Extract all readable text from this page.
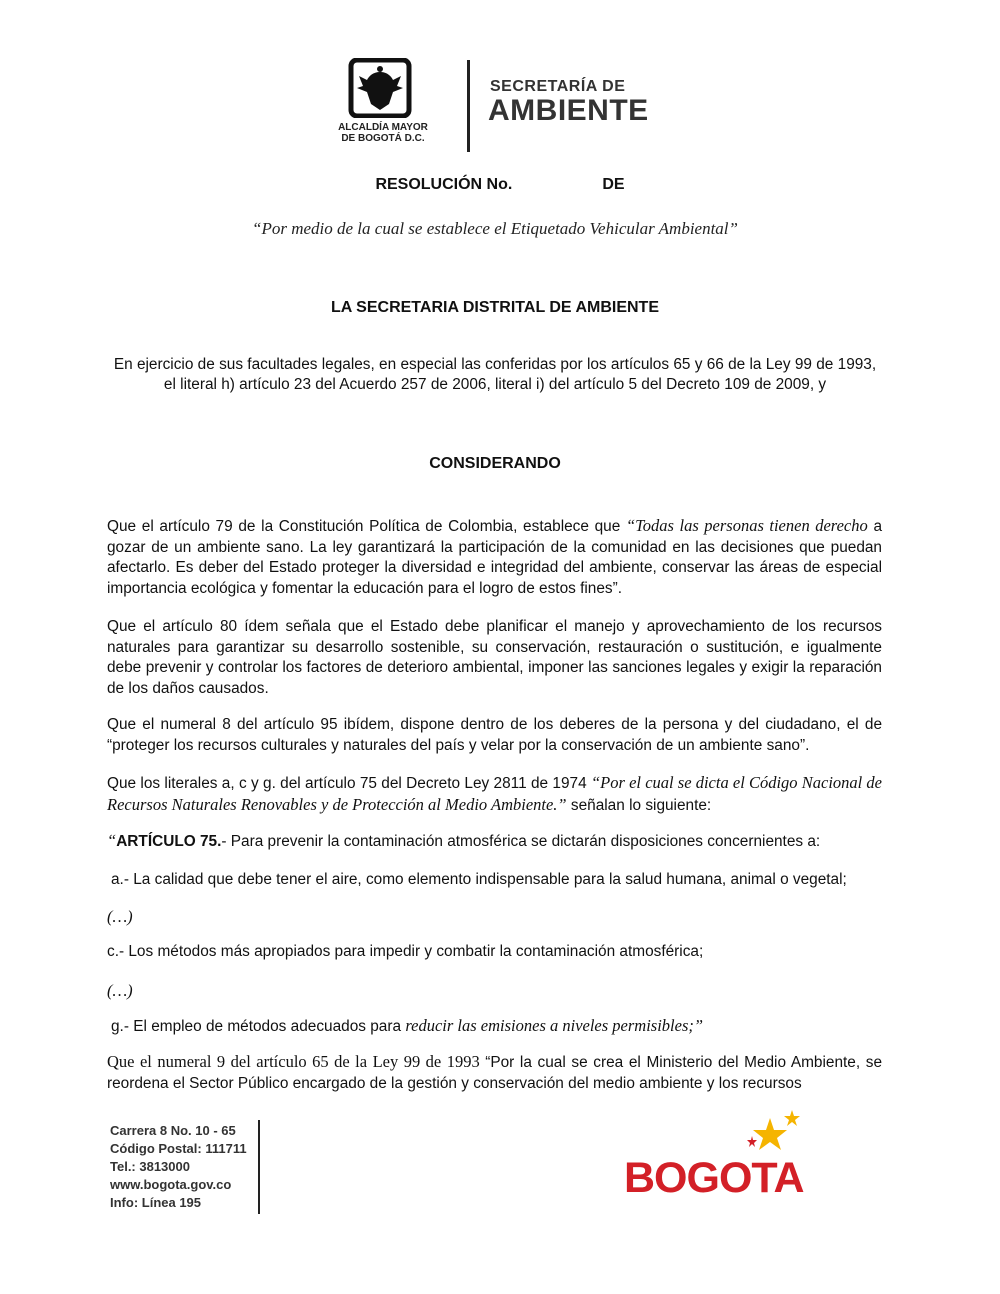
ALCALDÍA MAYOR
DE BOGOTÁ D.C.
SECRETARÍA DE
AMBIENTE
RESOLUCIÓN No.	DE
“Por medio de la cual se establece el Etiquetado Vehicular Ambiental”
LA SECRETARIA DISTRITAL DE AMBIENTE
En ejercicio de sus facultades legales, en especial las conferidas por los artículos 65 y 66 de la Ley 99 de 1993, el literal h) artículo 23 del Acuerdo 257 de 2006, literal i) del artículo 5 del Decreto 109 de 2009, y
CONSIDERANDO
Que el artículo 79 de la Constitución Política de Colombia, establece que “Todas las personas tienen derecho a gozar de un ambiente sano. La ley garantizará la participación de la comunidad en las decisiones que puedan afectarlo. Es deber del Estado proteger la diversidad e integridad del ambiente, conservar las áreas de especial importancia ecológica y fomentar la educación para el logro de estos fines”.
Que el artículo 80 ídem señala que el Estado debe planificar el manejo y aprovechamiento de los recursos naturales para garantizar su desarrollo sostenible, su conservación, restauración o sustitución, e igualmente debe prevenir y controlar los factores de deterioro ambiental, imponer las sanciones legales y exigir la reparación de los daños causados.
Que el numeral 8 del artículo 95 ibídem, dispone dentro de los deberes de la persona y del ciudadano, el de “proteger los recursos culturales y naturales del país y velar por la conservación de un ambiente sano”.
Que los literales a, c y g. del artículo 75 del Decreto Ley 2811 de 1974 “Por el cual se dicta el Código Nacional de Recursos Naturales Renovables y de Protección al Medio Ambiente.” señalan lo siguiente:
“ARTÍCULO 75.- Para prevenir la contaminación atmosférica se dictarán disposiciones concernientes a:
a.- La calidad que debe tener el aire, como elemento indispensable para la salud humana, animal o vegetal;
(…)
c.- Los métodos más apropiados para impedir y combatir la contaminación atmosférica;
(…)
g.- El empleo de métodos adecuados para reducir las emisiones a niveles permisibles;”
Que el numeral 9 del artículo 65 de la Ley 99 de 1993 “Por la cual se crea el Ministerio del Medio Ambiente, se reordena el Sector Público encargado de la gestión y conservación del medio ambiente y los recursos
Carrera 8 No. 10 - 65
Código Postal: 111711
Tel.: 3813000
www.bogota.gov.co
Info: Línea 195
BOGOTA
